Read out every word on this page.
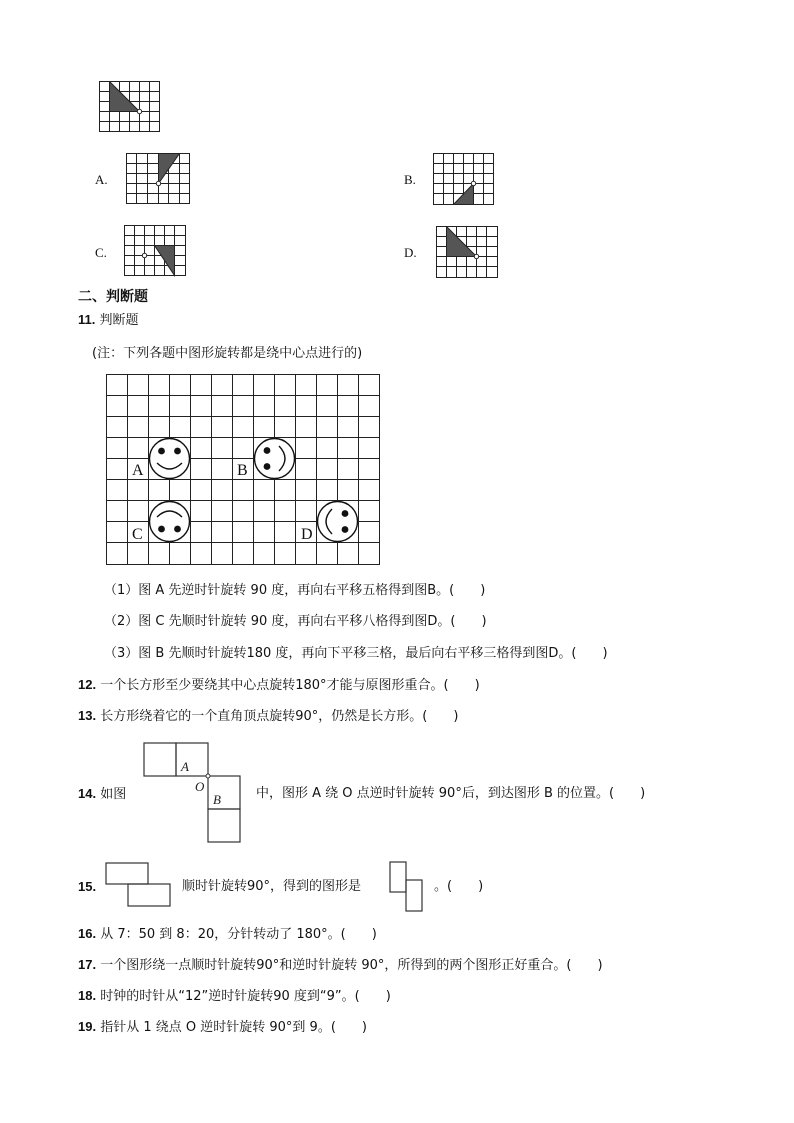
A.	B.
C.	D.
二、判断题
11. 判断题
(注：下列各题中图形旋转都是绕中心点进行的)
A	B
C	D
（1）图 A 先逆时针旋转 90 度，再向右平移五格得到图B。(　　)
（2）图 C 先顺时针旋转 90 度，再向右平移八格得到图D。(　　)
（3）图 B 先顺时针旋转180 度，再向下平移三格，最后向右平移三格得到图D。(　　)
12. 一个长方形至少要绕其中心点旋转180°才能与原图形重合。(　　)
13. 长方形绕着它的一个直角顶点旋转90°，仍然是长方形。(　　)
14. 如图
A
B
O	中，图形 A 绕 O 点逆时针旋转 90°后，到达图形 B 的位置。(　　)
15.	顺时针旋转90°，得到的图形是	。(　　)
16. 从 7：50 到 8：20，分针转动了 180°。(　　)
17. 一个图形绕一点顺时针旋转90°和逆时针旋转 90°，所得到的两个图形正好重合。(　　)
18. 时钟的时针从“12”逆时针旋转90 度到“9”。(　　)
19. 指针从 1 绕点 O 逆时针旋转 90°到 9。(　　)
